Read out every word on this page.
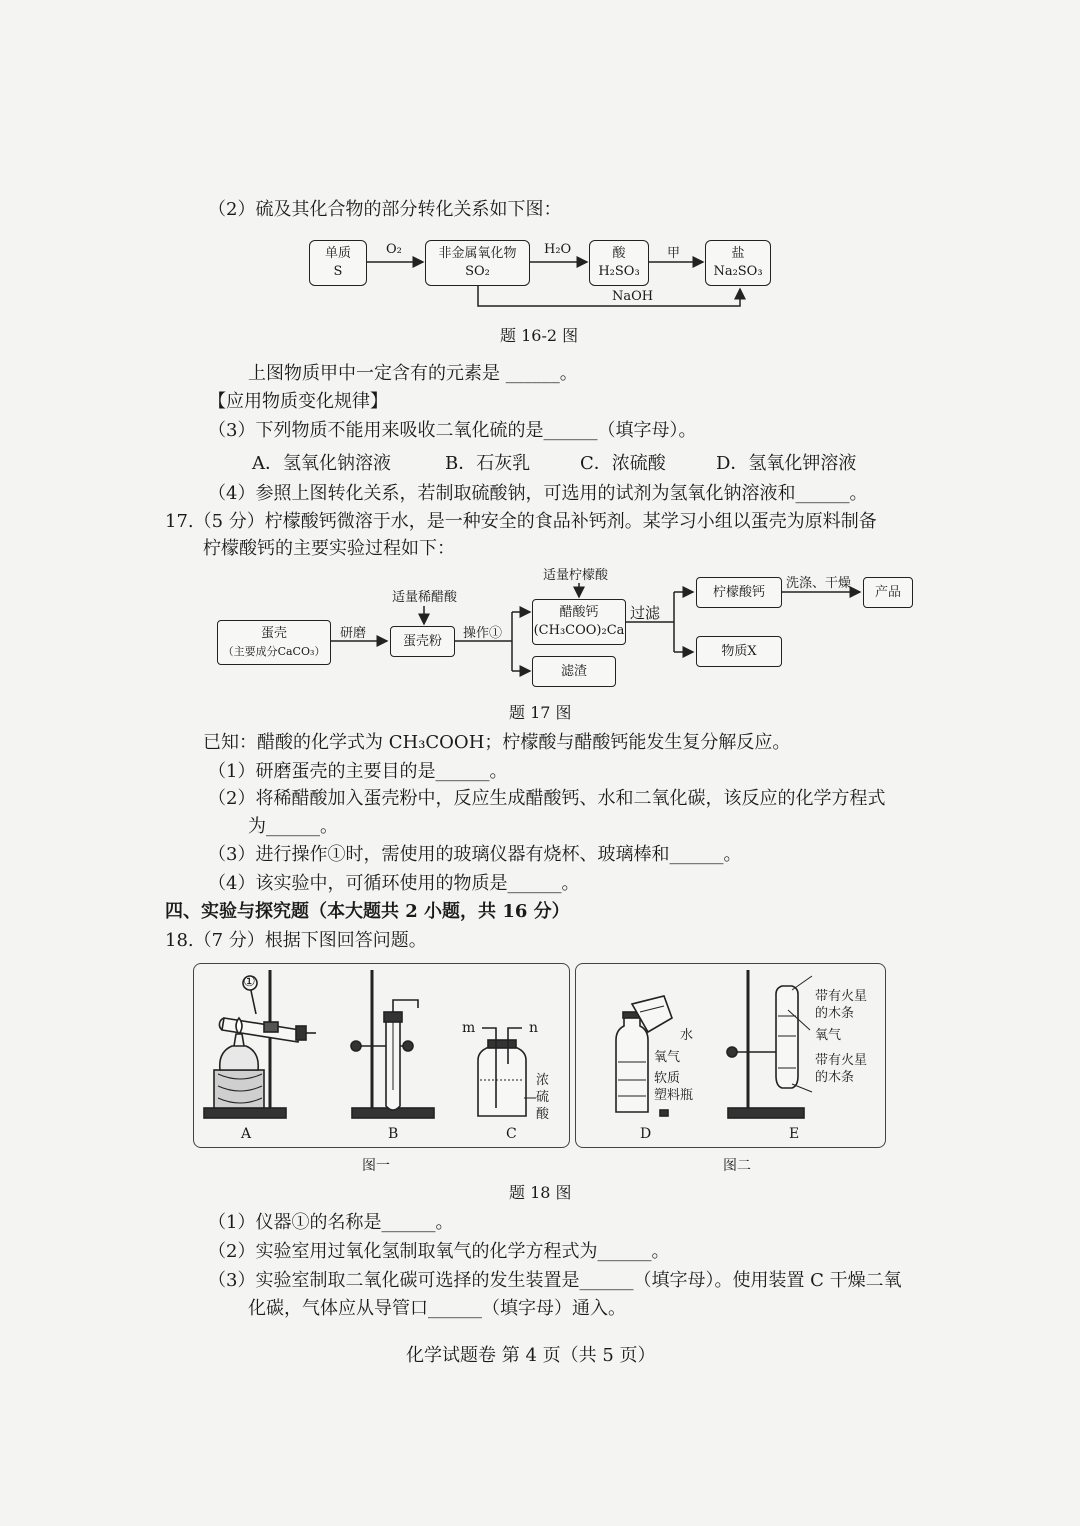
（2）硫及其化合物的部分转化关系如下图：
单质
S
非金属氧化物
SO₂
酸
H₂SO₃
盐
Na₂SO₃
O₂	H₂O	甲
NaOH
题 16-2 图
上图物质甲中一定含有的元素是 ______。
【应用物质变化规律】
（3）下列物质不能用来吸收二氧化硫的是______（填字母）。
A．氢氧化钠溶液	B．石灰乳	C．浓硫酸	D．氢氧化钾溶液
（4）参照上图转化关系，若制取硫酸钠，可选用的试剂为氢氧化钠溶液和______。
17.（5 分）柠檬酸钙微溶于水，是一种安全的食品补钙剂。某学习小组以蛋壳为原料制备
柠檬酸钙的主要实验过程如下：
蛋壳
（主要成分CaCO₃）
研磨
适量稀醋酸
蛋壳粉 操作①
适量柠檬酸
醋酸钙
(CH₃COO)₂Ca
滤渣
过滤
柠檬酸钙
洗涤、干燥
产品
物质X
题 17 图
已知：醋酸的化学式为 CH₃COOH；柠檬酸与醋酸钙能发生复分解反应。
（1）研磨蛋壳的主要目的是______。
（2）将稀醋酸加入蛋壳粉中，反应生成醋酸钙、水和二氧化碳，该反应的化学方程式
为______。
（3）进行操作①时，需使用的玻璃仪器有烧杯、玻璃棒和______。
（4）该实验中，可循环使用的物质是______。
四、实验与探究题（本大题共 2 小题，共 16 分）
18.（7 分）根据下图回答问题。
①
A	B	C
m	n
浓
硫
酸
图一
水
氧气
软质
塑料瓶
带有火星
的木条
氧气
带有火星
的木条
D	E
图二
题 18 图
（1）仪器①的名称是______。
（2）实验室用过氧化氢制取氧气的化学方程式为______。
（3）实验室制取二氧化碳可选择的发生装置是______（填字母）。使用装置 C 干燥二氧
化碳，气体应从导管口______（填字母）通入。
化学试题卷 第 4 页（共 5 页）
